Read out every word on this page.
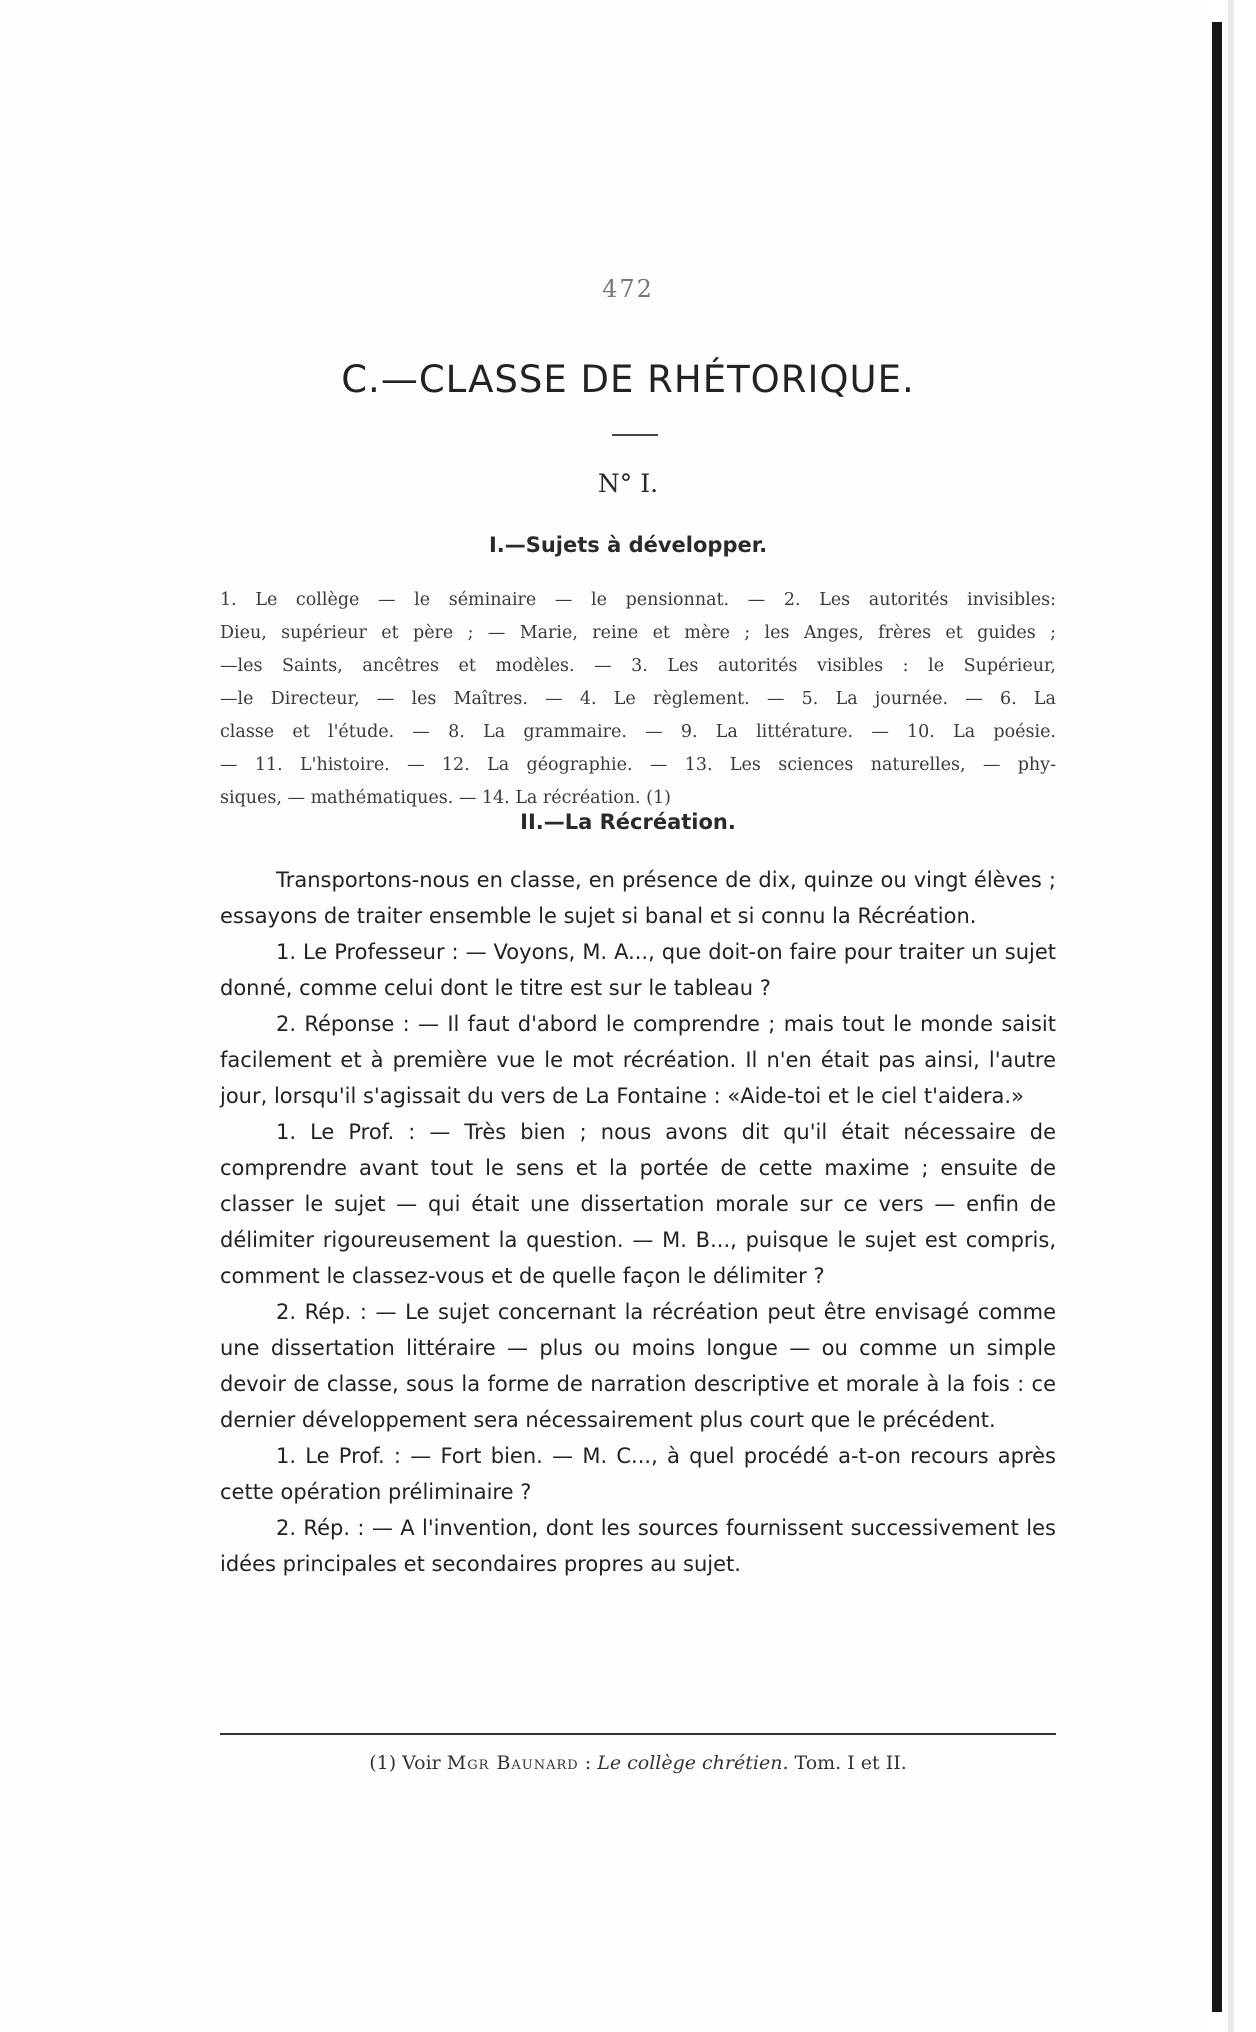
472
C.—CLASSE DE RHÉTORIQUE.
N° I.
I.—Sujets à développer.
1. Le collège — le séminaire — le pensionnat. — 2. Les autorités invisibles:
Dieu, supérieur et père ; — Marie, reine et mère ; les Anges, frères et guides ;
—les Saints, ancêtres et modèles. — 3. Les autorités visibles : le Supérieur,
—le Directeur, — les Maîtres. — 4. Le règlement. — 5. La journée. — 6. La
classe et l'étude. — 8. La grammaire. — 9. La littérature. — 10. La poésie.
— 11. L'histoire. — 12. La géographie. — 13. Les sciences naturelles, — phy-
siques, — mathématiques. — 14. La récréation. (1)
II.—La Récréation.

Transportons-nous en classe, en présence de dix, quinze ou vingt élèves ; essayons de traiter ensemble le sujet si banal et si connu la Récréation.

1. Le Professeur : — Voyons, M. A..., que doit-on faire pour traiter un sujet donné, comme celui dont le titre est sur le tableau ?

2. Réponse : — Il faut d'abord le comprendre ; mais tout le monde saisit facilement et à première vue le mot récréation. Il n'en était pas ainsi, l'autre jour, lorsqu'il s'agissait du vers de La Fontaine : «Aide-toi et le ciel t'aidera.»

1. Le Prof. : — Très bien ; nous avons dit qu'il était nécessaire de comprendre avant tout le sens et la portée de cette maxime ; ensuite de classer le sujet — qui était une dissertation morale sur ce vers — enfin de délimiter rigoureusement la question. — M. B..., puisque le sujet est compris, comment le classez-vous et de quelle façon le délimiter ?

2. Rép. : — Le sujet concernant la récréation peut être envisagé comme une dissertation littéraire — plus ou moins longue — ou comme un simple devoir de classe, sous la forme de narration descriptive et morale à la fois : ce dernier développement sera nécessairement plus court que le précédent.

1. Le Prof. : — Fort bien. — M. C..., à quel procédé a-t-on recours après cette opération préliminaire ?

2. Rép. : — A l'invention, dont les sources fournissent successivement les idées principales et secondaires propres au sujet.

(1) Voir Mgr Baunard : Le collège chrétien. Tom. I et II.
